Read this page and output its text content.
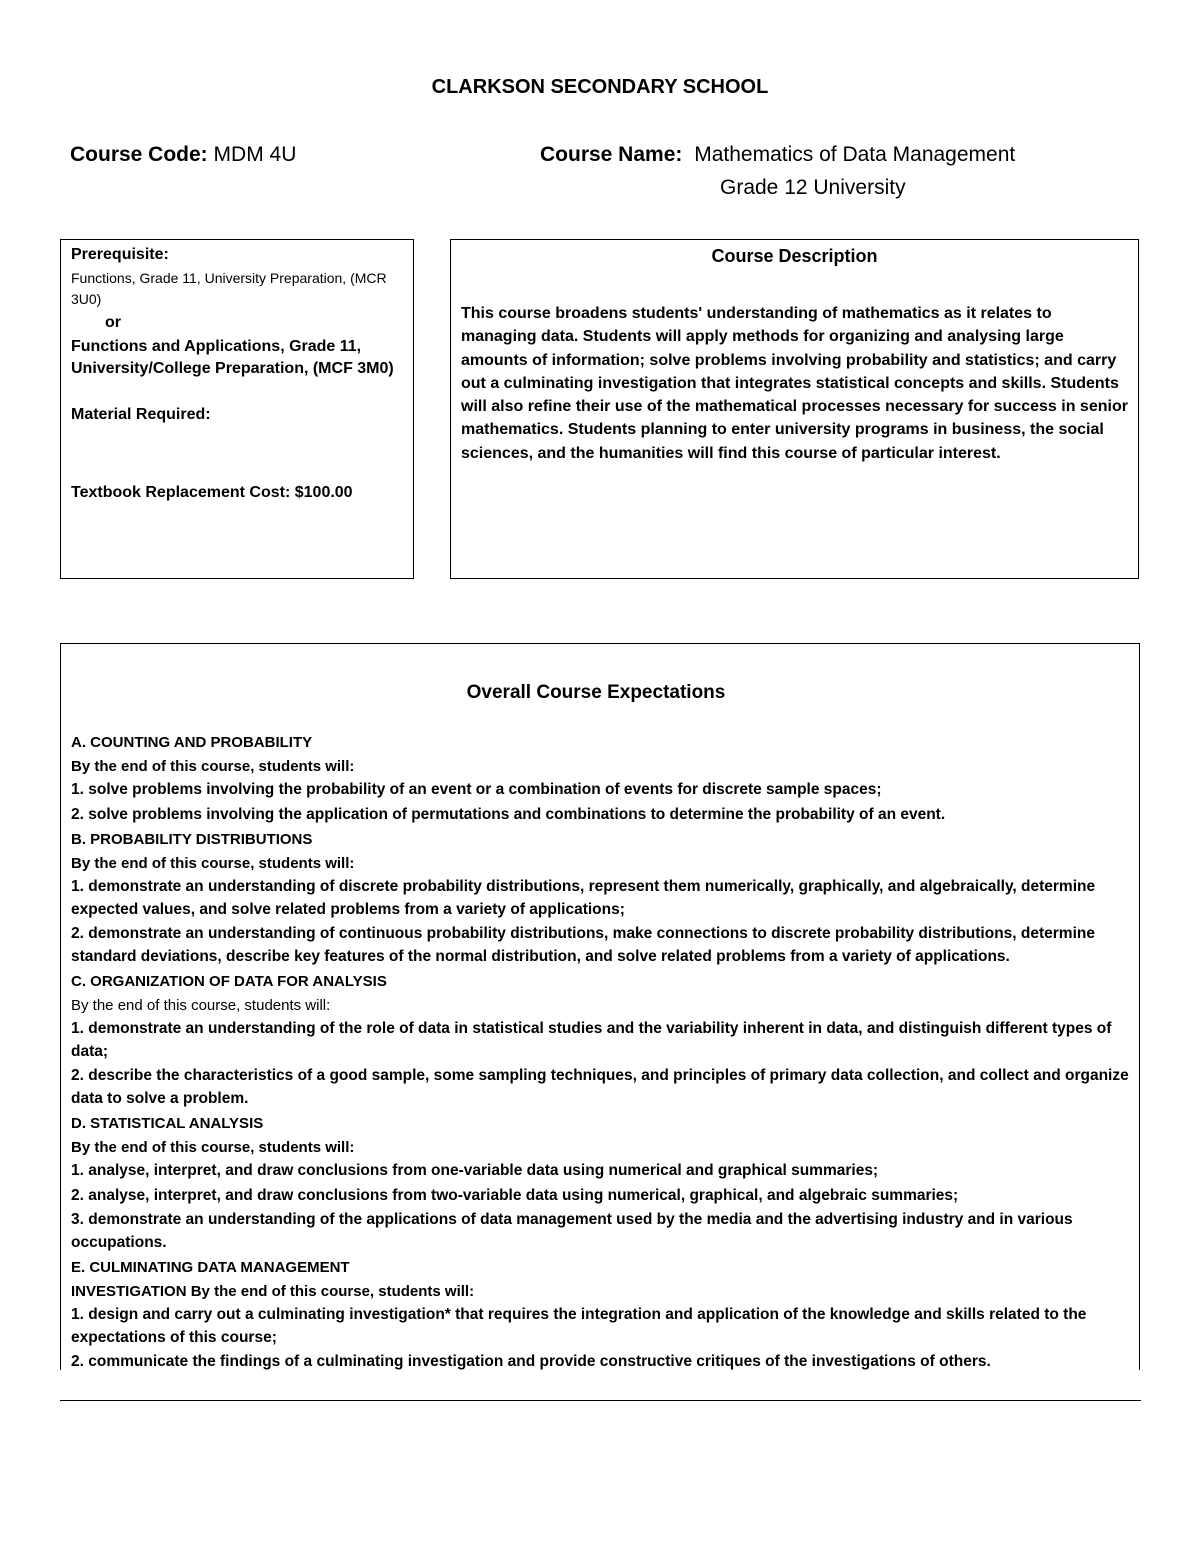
CLARKSON SECONDARY SCHOOL
Course Code: MDM 4U	Course Name: Mathematics of Data Management
Grade 12 University
Prerequisite:
Functions, Grade 11, University Preparation, (MCR 3U0)
or
Functions and Applications, Grade 11, University/College Preparation, (MCF 3M0)
Material Required:
Textbook Replacement Cost: $100.00
Course Description
This course broadens students' understanding of mathematics as it relates to managing data. Students will apply methods for organizing and analysing large amounts of information; solve problems involving probability and statistics; and carry out a culminating investigation that integrates statistical concepts and skills. Students will also refine their use of the mathematical processes necessary for success in senior mathematics. Students planning to enter university programs in business, the social sciences, and the humanities will find this course of particular interest.
Overall Course Expectations
A. COUNTING AND PROBABILITY
By the end of this course, students will:
1. solve problems involving the probability of an event or a combination of events for discrete sample spaces;
2. solve problems involving the application of permutations and combinations to determine the probability of an event.
B. PROBABILITY DISTRIBUTIONS
By the end of this course, students will:
1. demonstrate an understanding of discrete probability distributions, represent them numerically, graphically, and algebraically, determine expected values, and solve related problems from a variety of applications;
2. demonstrate an understanding of continuous probability distributions, make connections to discrete probability distributions, determine standard deviations, describe key features of the normal distribution, and solve related problems from a variety of applications.
C. ORGANIZATION OF DATA FOR ANALYSIS
By the end of this course, students will:
1. demonstrate an understanding of the role of data in statistical studies and the variability inherent in data, and distinguish different types of data;
2. describe the characteristics of a good sample, some sampling techniques, and principles of primary data collection, and collect and organize data to solve a problem.
D. STATISTICAL ANALYSIS
By the end of this course, students will:
1. analyse, interpret, and draw conclusions from one-variable data using numerical and graphical summaries;
2. analyse, interpret, and draw conclusions from two-variable data using numerical, graphical, and algebraic summaries;
3. demonstrate an understanding of the applications of data management used by the media and the advertising industry and in various occupations.
E. CULMINATING DATA MANAGEMENT
INVESTIGATION By the end of this course, students will:
1. design and carry out a culminating investigation* that requires the integration and application of the knowledge and skills related to the expectations of this course;
2. communicate the findings of a culminating investigation and provide constructive critiques of the investigations of others.
